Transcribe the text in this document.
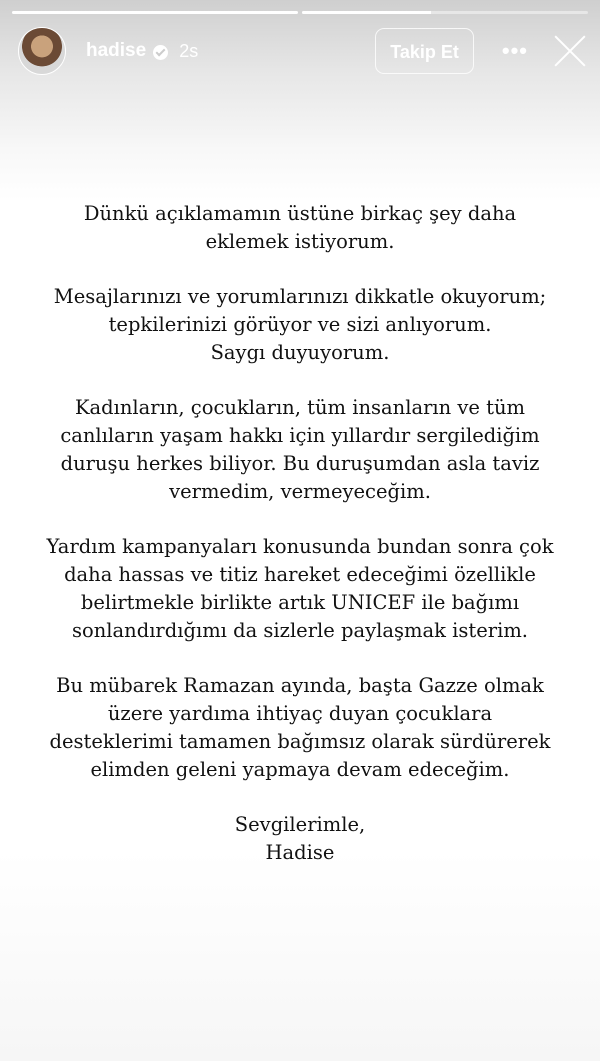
hadise 2s	Takip Et	•••
Dünkü açıklamamın üstüne birkaç şey daha
eklemek istiyorum.
Mesajlarınızı ve yorumlarınızı dikkatle okuyorum;
tepkilerinizi görüyor ve sizi anlıyorum.
Saygı duyuyorum.
Kadınların, çocukların, tüm insanların ve tüm
canlıların yaşam hakkı için yıllardır sergilediğim
duruşu herkes biliyor. Bu duruşumdan asla taviz
vermedim, vermeyeceğim.
Yardım kampanyaları konusunda bundan sonra çok
daha hassas ve titiz hareket edeceğimi özellikle
belirtmekle birlikte artık UNICEF ile bağımı
sonlandırdığımı da sizlerle paylaşmak isterim.
Bu mübarek Ramazan ayında, başta Gazze olmak
üzere yardıma ihtiyaç duyan çocuklara
desteklerimi tamamen bağımsız olarak sürdürerek
elimden geleni yapmaya devam edeceğim.
Sevgilerimle,
Hadise
